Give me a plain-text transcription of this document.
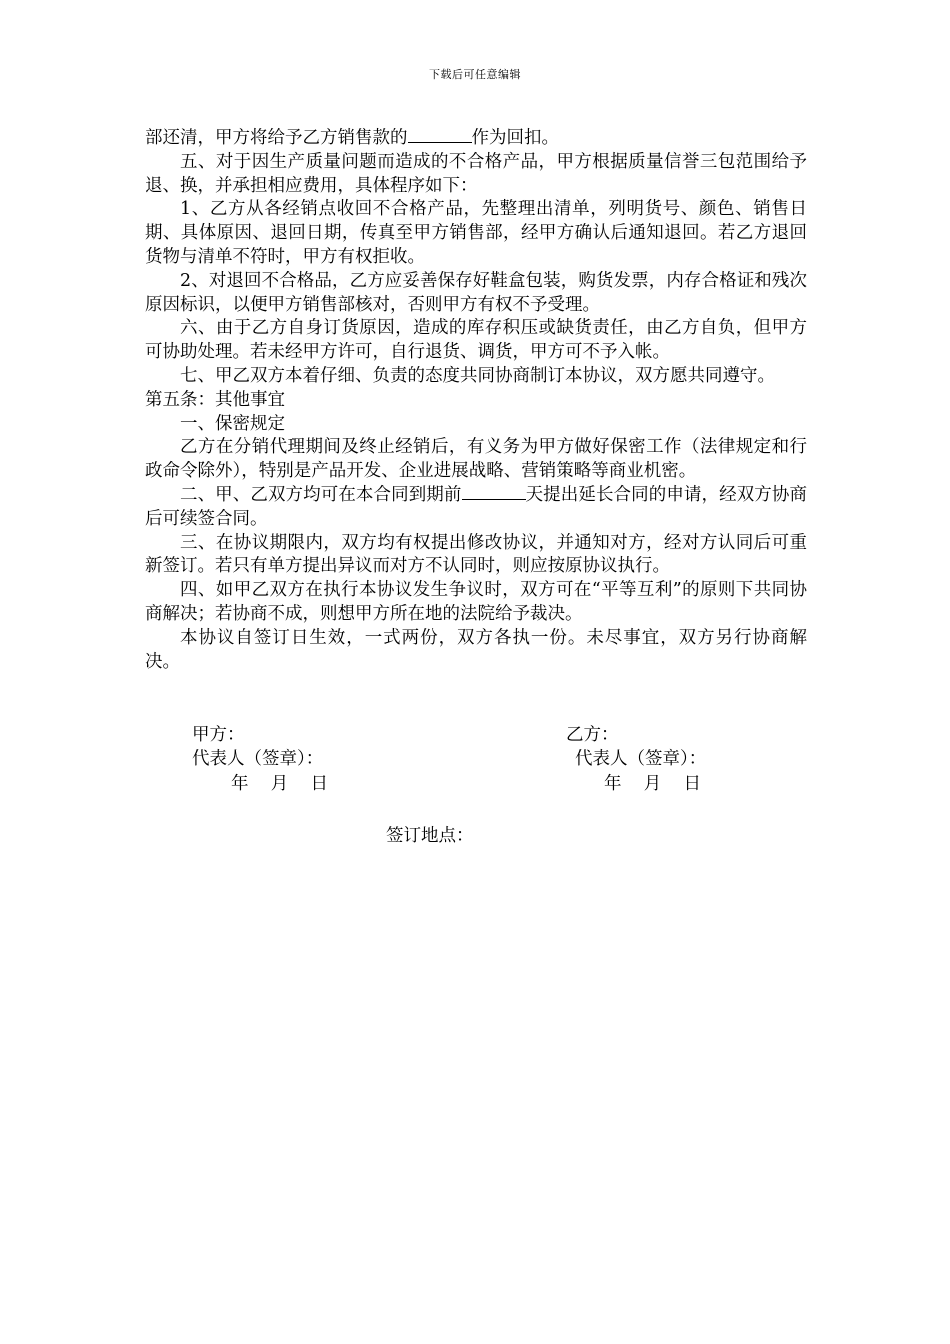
下载后可任意编辑

部还清，甲方将给予乙方销售款的	作为回扣。

五、对于因生产质量问题而造成的不合格产品，甲方根据质量信誉三包范围给予退、换，并承担相应费用，具体程序如下：

1、乙方从各经销点收回不合格产品，先整理出清单，列明货号、颜色、销售日期、具体原因、退回日期，传真至甲方销售部，经甲方确认后通知退回。若乙方退回货物与清单不符时，甲方有权拒收。

2、对退回不合格品，乙方应妥善保存好鞋盒包装，购货发票，内存合格证和残次原因标识，以便甲方销售部核对，否则甲方有权不予受理。

六、由于乙方自身订货原因，造成的库存积压或缺货责任，由乙方自负，但甲方可协助处理。若未经甲方许可，自行退货、调货，甲方可不予入帐。

七、甲乙双方本着仔细、负责的态度共同协商制订本协议，双方愿共同遵守。

第五条：其他事宜

一、保密规定

乙方在分销代理期间及终止经销后，有义务为甲方做好保密工作（法律规定和行政命令除外），特别是产品开发、企业进展战略、营销策略等商业机密。

二、甲、乙双方均可在本合同到期前	天提出延长合同的申请，经双方协商后可续签合同。

三、在协议期限内，双方均有权提出修改协议，并通知对方，经对方认同后可重新签订。若只有单方提出异议而对方不认同时，则应按原协议执行。

四、如甲乙双方在执行本协议发生争议时，双方可在“平等互利”的原则下共同协商解决；若协商不成，则想甲方所在地的法院给予裁决。

本协议自签订日生效，一式两份，双方各执一份。未尽事宜，双方另行协商解决。

甲方：	乙方：
代表人（签章）：	代表人（签章）：
年    月    日	年    月    日
签订地点：
